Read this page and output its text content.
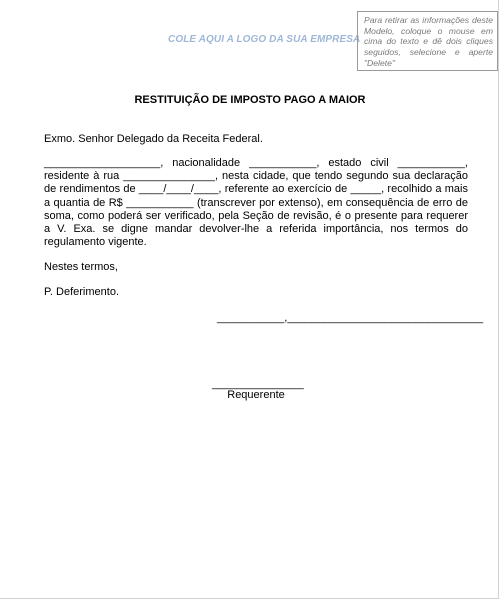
COLE AQUI A LOGO DA SUA EMPRESA
Para retirar as informações deste Modelo, coloque o mouse em cima do texto e dê dois cliques seguidos, selecione e aperte "Delete"
RESTITUIÇÃO DE IMPOSTO PAGO A MAIOR
Exmo. Senhor Delegado da Receita Federal.
___________________, nacionalidade ___________, estado civil ___________, residente à rua _______________, nesta cidade, que tendo segundo sua declaração de rendimentos de ____/____/____, referente ao exercício de _____, recolhido a mais a quantia de R$ ___________ (transcrever por extenso), em consequência de erro de soma, como poderá ser verificado, pela Seção de revisão, é o presente para requerer a V. Exa. se digne mandar devolver-lhe a referida importância, nos termos do regulamento vigente.
Nestes termos,
P. Deferimento.
___________,________________________________
_______________
Requerente
